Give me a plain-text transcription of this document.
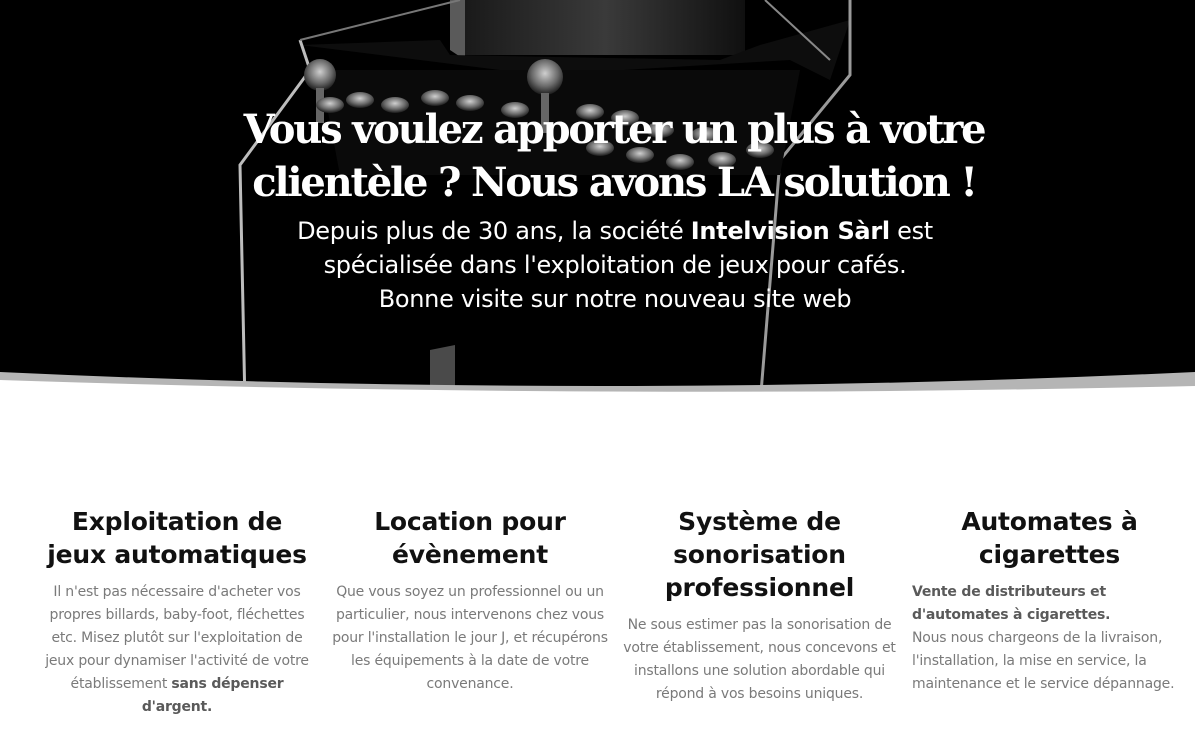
Vous voulez apporter un plus à votre
clientèle ? Nous avons LA solution !

Depuis plus de 30 ans, la société Intelvision Sàrl est
spécialisée dans l'exploitation de jeux pour cafés.
Bonne visite sur notre nouveau site web

Exploitation de jeux automatiques

Il n'est pas nécessaire d'acheter vos propres billards, baby-foot, fléchettes etc. Misez plutôt sur l'exploitation de jeux pour dynamiser l'activité de votre établissement sans dépenser d'argent.

Location pour évènement

Que vous soyez un professionnel ou un particulier, nous intervenons chez vous pour l'installation le jour J, et récupérons les équipements à la date de votre convenance.

Système de sonorisation professionnel

Ne sous estimer pas la sonorisation de votre établissement, nous concevons et installons une solution abordable qui répond à vos besoins uniques.

Automates à cigarettes

Vente de distributeurs et d'automates à cigarettes.
Nous nous chargeons de la livraison, l'installation, la mise en service, la maintenance et le service dépannage.
